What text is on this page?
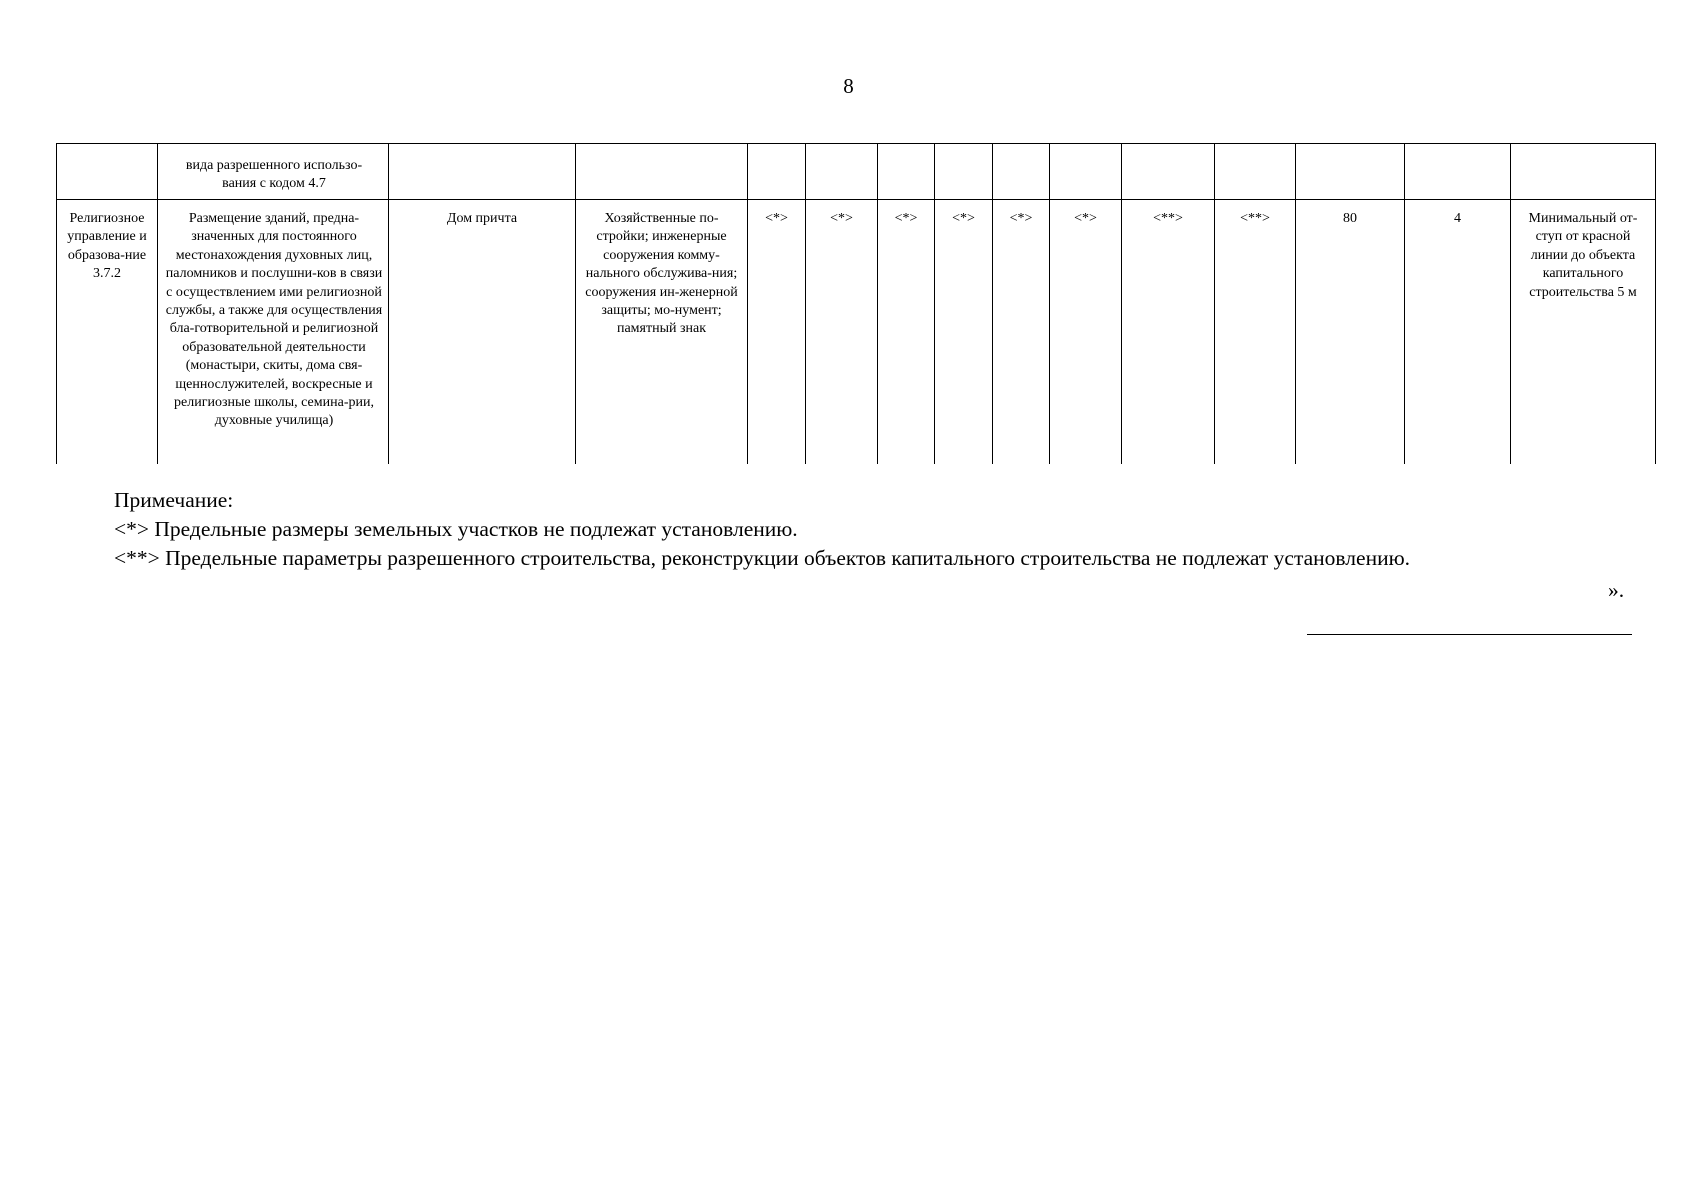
8
	вида разрешенного использо-
вания с кодом 4.7													
Религиозное управление и образова-ние 3.7.2	Размещение зданий, предна-значенных для постоянного местонахождения духовных лиц, паломников и послушни-ков в связи с осуществлением ими религиозной службы, а также для осуществления бла-готворительной и религиозной образовательной деятельности (монастыри, скиты, дома свя-щеннослужителей, воскресные и религиозные школы, семина-рии, духовные училища)	Дом причта	Хозяйственные по-стройки; инженерные сооружения комму-нального обслужива-ния; сооружения ин-женерной защиты; мо-нумент; памятный знак	<*>	<*>	<*>	<*>	<*>	<*>	<**>	<**>	80	4	Минимальный от-ступ от красной линии до объекта капитального строительства 5 м
Примечание:
<*> Предельные размеры земельных участков не подлежат установлению.
<**> Предельные параметры разрешенного строительства, реконструкции объектов капитального строительства не подлежат установлению.
».
